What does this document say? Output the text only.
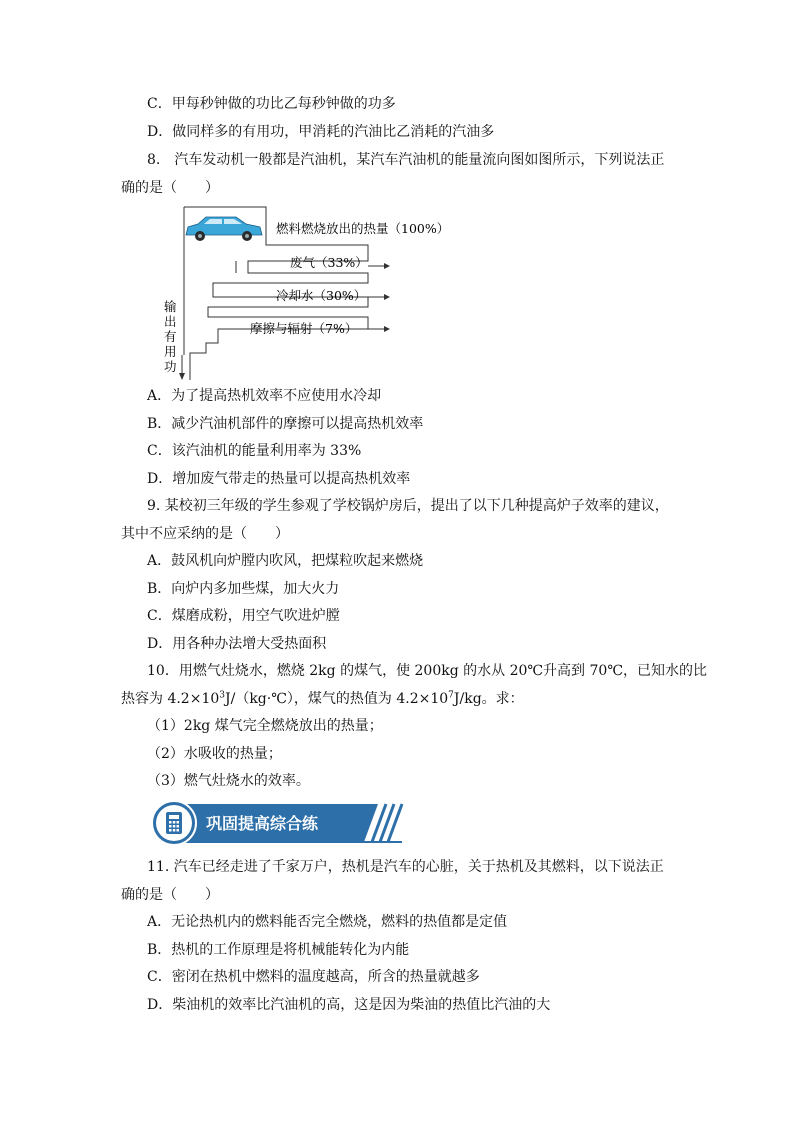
C．甲每秒钟做的功比乙每秒钟做的功多
D．做同样多的有用功，甲消耗的汽油比乙消耗的汽油多
8.　汽车发动机一般都是汽油机，某汽车汽油机的能量流向图如图所示，下列说法正
确的是（　　）
燃料燃烧放出的热量（100%）
废气（33%）
冷却水（30%）
摩擦与辐射（7%）
输
出
有
用
功
A．为了提高热机效率不应使用水冷却
B．减少汽油机部件的摩擦可以提高热机效率
C．该汽油机的能量利用率为 33%
D．增加废气带走的热量可以提高热机效率
9. 某校初三年级的学生参观了学校锅炉房后，提出了以下几种提高炉子效率的建议，
其中不应采纳的是（　　）
A．鼓风机向炉膛内吹风，把煤粒吹起来燃烧
B．向炉内多加些煤，加大火力
C．煤磨成粉，用空气吹进炉膛
D．用各种办法增大受热面积
10．用燃气灶烧水，燃烧 2kg 的煤气，使 200kg 的水从 20℃升高到 70℃，已知水的比
热容为 $4.2\times 10^3J/(kg\cdot℃)$，煤气的热值为 $4.2\times 10^7J/kg$。求：
（1）2kg 煤气完全燃烧放出的热量；
（2）水吸收的热量；
（3）燃气灶烧水的效率。
巩固提高综合练
11. 汽车已经走进了千家万户，热机是汽车的心脏，关于热机及其燃料，以下说法正
确的是（　　）
A．无论热机内的燃料能否完全燃烧，燃料的热值都是定值
B．热机的工作原理是将机械能转化为内能
C．密闭在热机中燃料的温度越高，所含的热量就越多
D．柴油机的效率比汽油机的高，这是因为柴油的热值比汽油的大
